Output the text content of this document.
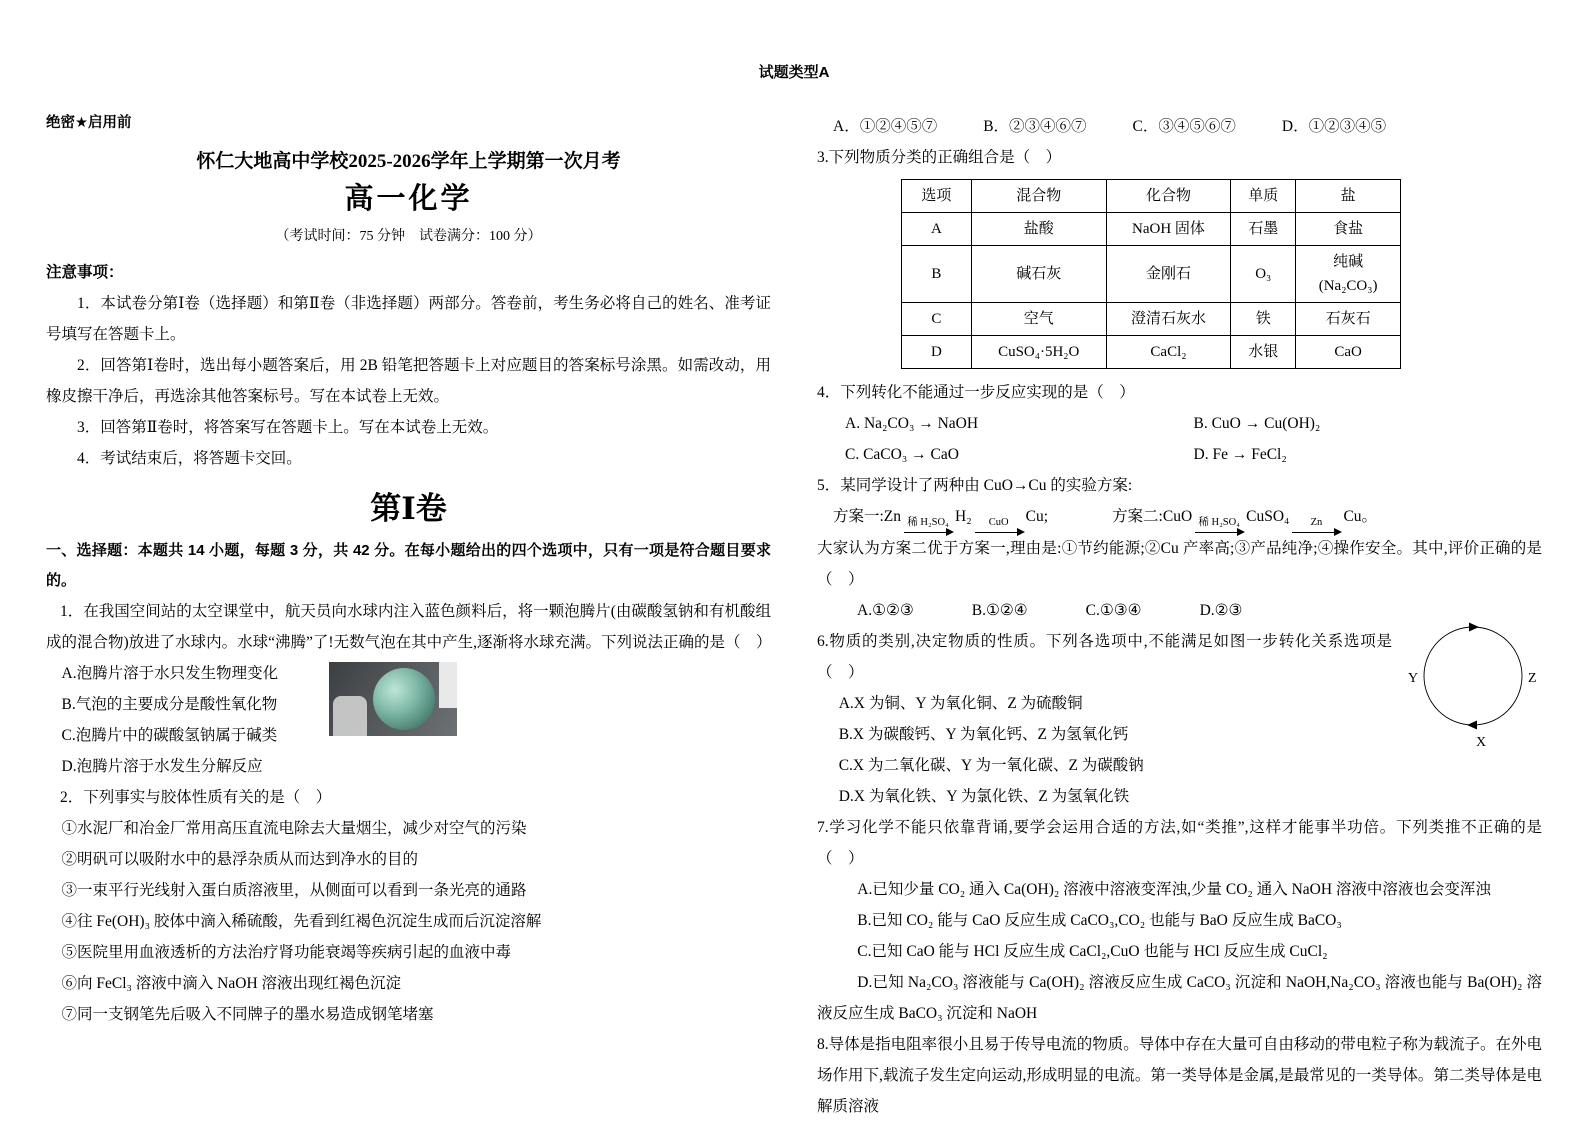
试题类型A
绝密★启用前
怀仁大地高中学校2025-2026学年上学期第一次月考
高一化学
（考试时间：75 分钟　试卷满分：100 分）
注意事项：

1．本试卷分第Ⅰ卷（选择题）和第Ⅱ卷（非选择题）两部分。答卷前，考生务必将自己的姓名、准考证号填写在答题卡上。

2．回答第Ⅰ卷时，选出每小题答案后，用 2B 铅笔把答题卡上对应题目的答案标号涂黑。如需改动，用橡皮擦干净后，再选涂其他答案标号。写在本试卷上无效。

3．回答第Ⅱ卷时，将答案写在答题卡上。写在本试卷上无效。

4．考试结束后，将答题卡交回。

第Ⅰ卷

一、选择题：本题共 14 小题，每题 3 分，共 42 分。在每小题给出的四个选项中，只有一项是符合题目要求的。

1．在我国空间站的太空课堂中，航天员向水球内注入蓝色颜料后，将一颗泡腾片(由碳酸氢钠和有机酸组成的混合物)放进了水球内。水球“沸腾”了!无数气泡在其中产生,逐渐将水球充满。下列说法正确的是（　）

A.泡腾片溶于水只发生物理变化
B.气泡的主要成分是酸性氧化物
C.泡腾片中的碳酸氢钠属于碱类
D.泡腾片溶于水发生分解反应

2．下列事实与胶体性质有关的是（　）

①水泥厂和冶金厂常用高压直流电除去大量烟尘，减少对空气的污染
②明矾可以吸附水中的悬浮杂质从而达到净水的目的
③一束平行光线射入蛋白质溶液里，从侧面可以看到一条光亮的通路
④往 Fe(OH)₃ 胶体中滴入稀硫酸，先看到红褐色沉淀生成而后沉淀溶解
⑤医院里用血液透析的方法治疗肾功能衰竭等疾病引起的血液中毒
⑥向 FeCl₃ 溶液中滴入 NaOH 溶液出现红褐色沉淀
⑦同一支钢笔先后吸入不同牌子的墨水易造成钢笔堵塞
A．①②④⑤⑦	B．②③④⑥⑦	C．③④⑤⑥⑦	D．①②③④⑤

3.下列物质分类的正确组合是（　）

选项	混合物	化合物	单质	盐
A	盐酸	NaOH 固体	石墨	食盐
B	碱石灰	金刚石	O₃	纯碱
(Na₂CO₃)
C	空气	澄清石灰水	铁	石灰石
D	CuSO₄·5H₂O	CaCl₂	水银	CaO

4．下列转化不能通过一步反应实现的是（　）

A. Na₂CO₃ → NaOH	B. CuO → Cu(OH)₂
C. CaCO₃ → CaO	D. Fe → FeCl₂

5．某同学设计了两种由 CuO→Cu 的实验方案:

方案一:Zn 稀 H₂SO₄ H₂ CuO Cu;	方案二:CuO 稀 H₂SO₄ CuSO₄ Zn Cu。

大家认为方案二优于方案一,理由是:①节约能源;②Cu 产率高;③产品纯净;④操作安全。其中,评价正确的是（　）

A.①②③	B.①②④	C.①③④	D.②③
Y	Z
X

6.物质的类别,决定物质的性质。下列各选项中,不能满足如图一步转化关系选项是（　）

A.X 为铜、Y 为氧化铜、Z 为硫酸铜
B.X 为碳酸钙、Y 为氧化钙、Z 为氢氧化钙
C.X 为二氧化碳、Y 为一氧化碳、Z 为碳酸钠
D.X 为氧化铁、Y 为氯化铁、Z 为氢氧化铁

7.学习化学不能只依靠背诵,要学会运用合适的方法,如“类推”,这样才能事半功倍。下列类推不正确的是（　）

A.已知少量 CO₂ 通入 Ca(OH)₂ 溶液中溶液变浑浊,少量 CO₂ 通入 NaOH 溶液中溶液也会变浑浊

B.已知 CO₂ 能与 CaO 反应生成 CaCO₃,CO₂ 也能与 BaO 反应生成 BaCO₃

C.已知 CaO 能与 HCl 反应生成 CaCl₂,CuO 也能与 HCl 反应生成 CuCl₂

D.已知 Na₂CO₃ 溶液能与 Ca(OH)₂ 溶液反应生成 CaCO₃ 沉淀和 NaOH,Na₂CO₃ 溶液也能与 Ba(OH)₂ 溶液反应生成 BaCO₃ 沉淀和 NaOH

8.导体是指电阻率很小且易于传导电流的物质。导体中存在大量可自由移动的带电粒子称为载流子。在外电场作用下,载流子发生定向运动,形成明显的电流。第一类导体是金属,是最常见的一类导体。第二类导体是电解质溶液
